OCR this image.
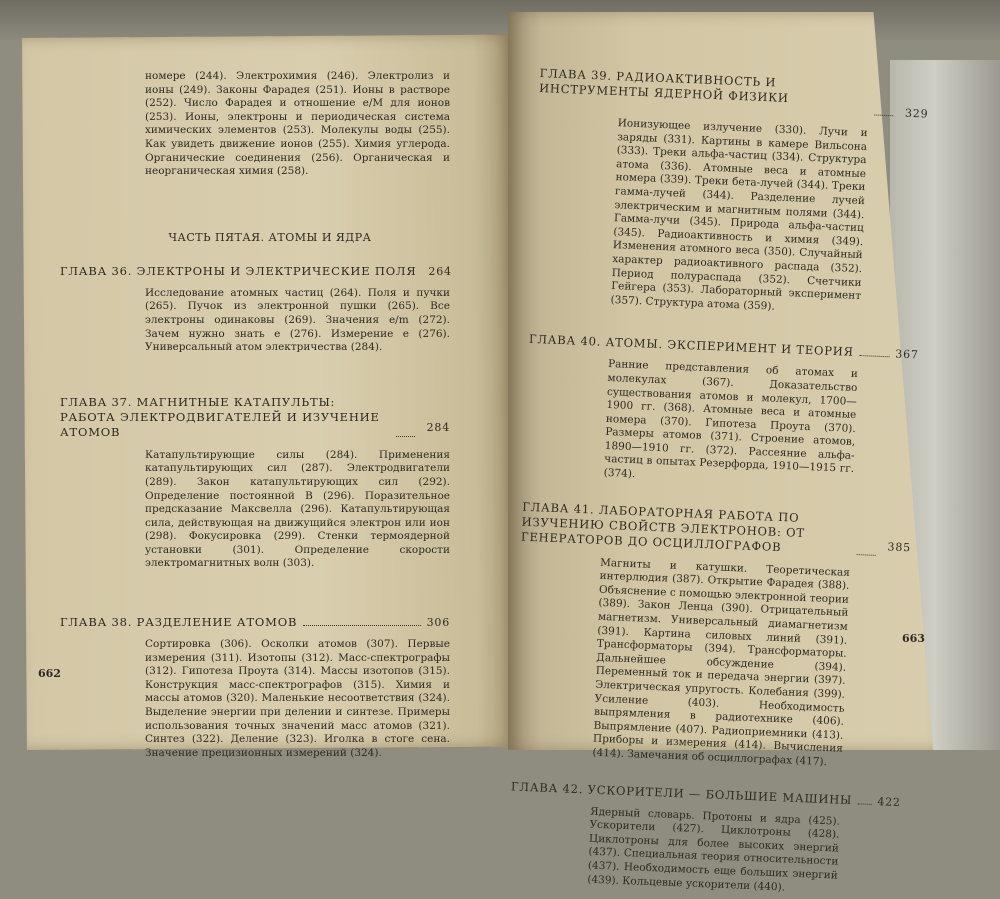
номере (244). Электрохимия (246). Электролиз и ионы (249). Законы Фарадея (251). Ионы в растворе (252). Число Фарадея и отношение e/M для ионов (253). Ионы, электроны и периодическая система химических элементов (253). Молекулы воды (255). Как увидеть движение ионов (255). Химия углерода. Органические соединения (256). Органическая и неорганическая химия (258).

ЧАСТЬ ПЯТАЯ. АТОМЫ И ЯДРА
ГЛАВА 36. ЭЛЕКТРОНЫ И ЭЛЕКТРИЧЕСКИЕ ПОЛЯ 264

Исследование атомных частиц (264). Поля и пучки (265). Пучок из электронной пушки (265). Все электроны одинаковы (269). Значения e/m (272). Зачем нужно знать e (276). Измерение e (276). Универсальный атом электричества (284).

ГЛАВА 37. МАГНИТНЫЕ КАТАПУЛЬТЫ: РАБОТА ЭЛЕКТРОДВИГАТЕЛЕЙ И ИЗУЧЕНИЕ АТОМОВ	284

Катапультирующие силы (284). Применения катапультирующих сил (287). Электродвигатели (289). Закон катапультирующих сил (292). Определение постоянной B (296). Поразительное предсказание Максвелла (296). Катапультирующая сила, действующая на движущийся электрон или ион (298). Фокусировка (299). Стенки термоядерной установки (301). Определение скорости электромагнитных волн (303).

ГЛАВА 38. РАЗДЕЛЕНИЕ АТОМОВ	306

Сортировка (306). Осколки атомов (307). Первые измерения (311). Изотопы (312). Масс-спектрографы (312). Гипотеза Проута (314). Массы изотопов (315). Конструкция масс-спектрографов (315). Химия и массы атомов (320). Маленькие несоответствия (324). Выделение энергии при делении и синтезе. Примеры использования точных значений масс атомов (321). Синтез (322). Деление (323). Иголка в стоге сена. Значение прецизионных измерений (324).

662
ГЛАВА 39. РАДИОАКТИВНОСТЬ И ИНСТРУМЕНТЫ ЯДЕРНОЙ ФИЗИКИ
329

Ионизующее излучение (330). Лучи и заряды (331). Картины в камере Вильсона (333). Треки альфа-частиц (334). Структура атома (336). Атомные веса и атомные номера (339). Треки бета-лучей (344). Треки гамма-лучей (344). Разделение лучей электрическим и магнитным полями (344). Гамма-лучи (345). Природа альфа-частиц (345). Радиоактивность и химия (349). Изменения атомного веса (350). Случайный характер радиоактивного распада (352). Период полураспада (352). Счетчики Гейгера (353). Лабораторный эксперимент (357). Структура атома (359).

ГЛАВА 40. АТОМЫ. ЭКСПЕРИМЕНТ И ТЕОРИЯ	367

Ранние представления об атомах и молекулах (367). Доказательство существования атомов и молекул, 1700—1900 гг. (368). Атомные веса и атомные номера (370). Гипотеза Проута (370). Размеры атомов (371). Строение атомов, 1890—1910 гг. (372). Рассеяние альфа-частиц в опытах Резерфорда, 1910—1915 гг. (374).

ГЛАВА 41. ЛАБОРАТОРНАЯ РАБОТА ПО ИЗУЧЕНИЮ СВОЙСТВ ЭЛЕКТРОНОВ: ОТ ГЕНЕРАТОРОВ ДО ОСЦИЛЛОГРАФОВ	385

Магниты и катушки. Теоретическая интерлюдия (387). Открытие Фарадея (388). Объяснение с помощью электронной теории (389). Закон Ленца (390). Отрицательный магнетизм. Универсальный диамагнетизм (391). Картина силовых линий (391). Трансформаторы (394). Трансформаторы. Дальнейшее обсуждение (394). Переменный ток и передача энергии (397). Электрическая упругость. Колебания (399). Усиление (403). Необходимость выпрямления в радиотехнике (406). Выпрямление (407). Радиоприемники (413). Приборы и измерения (414). Вычисления (414). Замечания об осциллографах (417).

ГЛАВА 42. УСКОРИТЕЛИ — БОЛЬШИЕ МАШИНЫ 422

Ядерный словарь. Протоны и ядра (425). Ускорители (427). Циклотроны (428). Циклотроны для более высоких энергий (437). Специальная теория относительности (437). Необходимость еще больших энергий (439). Кольцевые ускорители (440).

663
